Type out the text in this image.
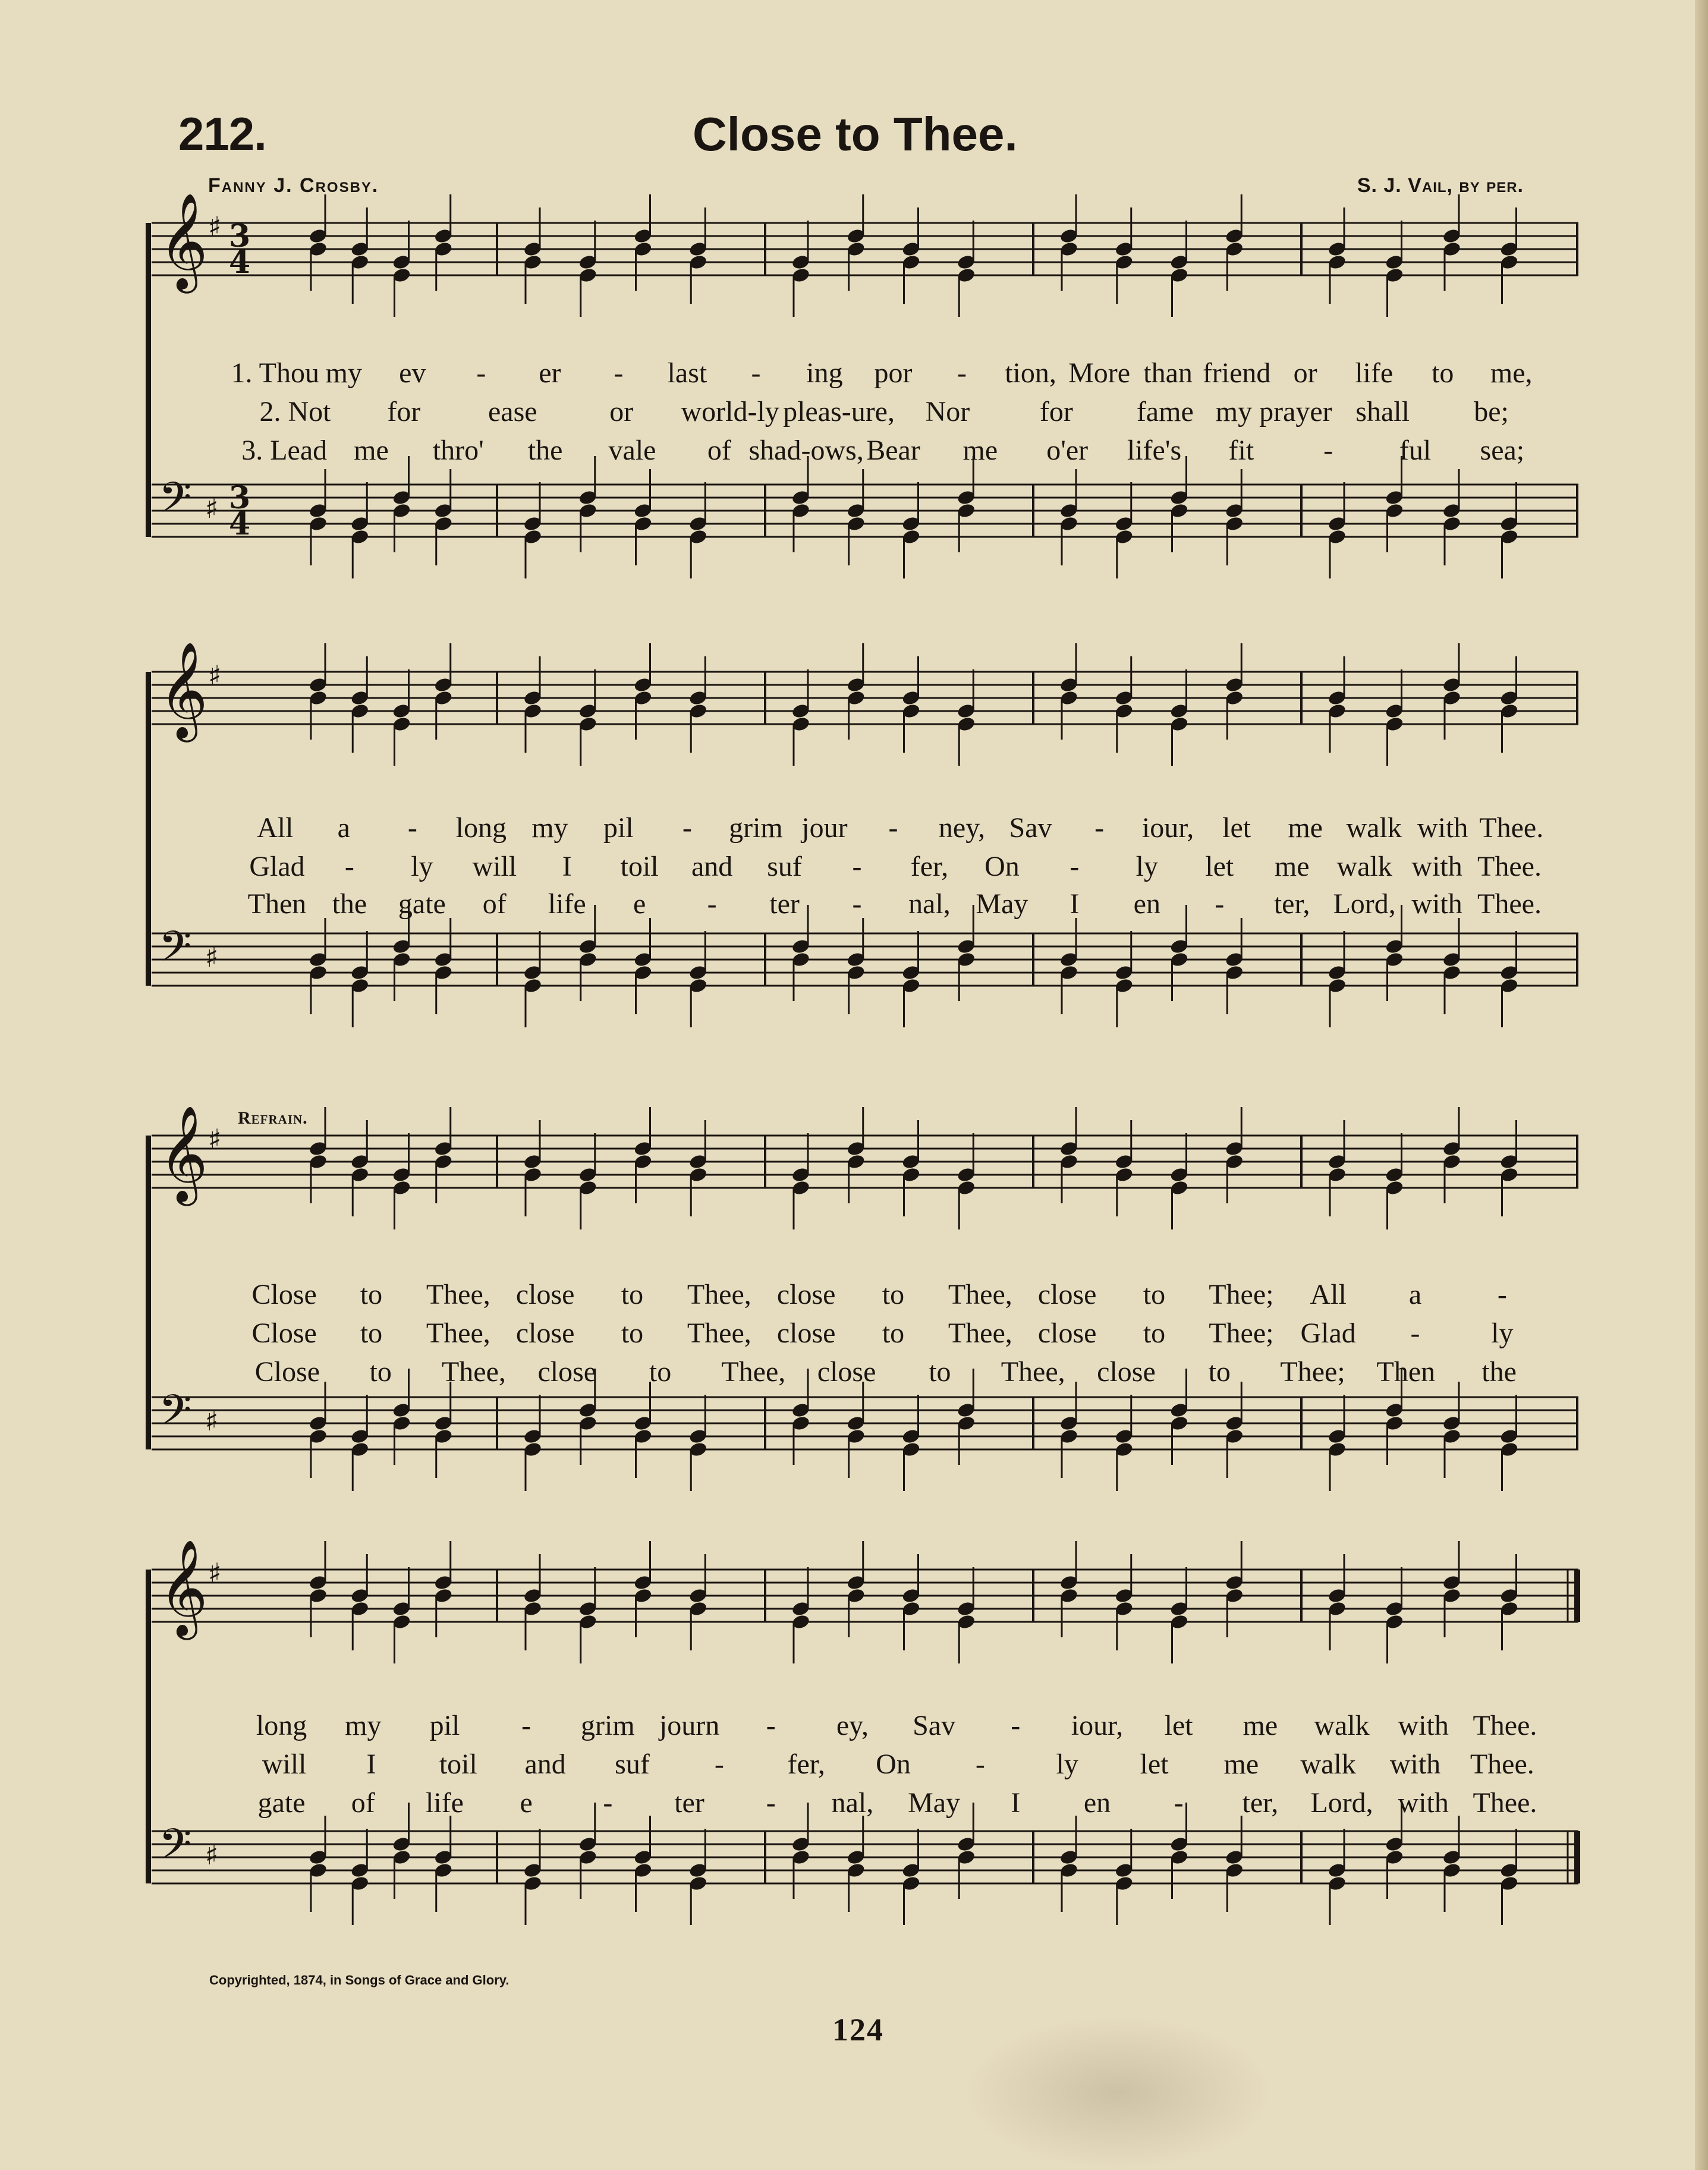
212.	Close to Thee.
Fanny J. Crosby.	S. J. Vail, by per.
𝄞 ♯ 3
4
𝄢 ♯ 3
4
1. Thou my ev - er - last - ing por - tion, More than friend or life to me,
2. Not for ease	or world-ly pleas-ure, Nor for fame my prayer shall be;
3. Lead me thro' the vale of shad-ows, Bear me o'er life's fit - ful sea;
𝄞 ♯
𝄢 ♯
All a - long my pil - grim jour - ney, Sav - iour, let me walk with Thee.
Glad - ly will I toil and suf - fer, On - ly let me walk with Thee.
Then the gate of life e - ter - nal, May I en - ter, Lord, with Thee.
Refrain.
𝄞 ♯
𝄢 ♯
Close to Thee, close to Thee, close to Thee, close to Thee; All a	-
Close to Thee, close to Thee, close to Thee, close to Thee; Glad - ly
Close to Thee, close to Thee, close to Thee, close to Thee; Then the
𝄞 ♯
𝄢 ♯
long my pil - grim journ - ey, Sav - iour, let me walk with Thee.
will I toil and suf - fer, On - ly let me walk with Thee.
gate of life e - ter - nal, May I en - ter, Lord, with Thee.
Copyrighted, 1874, in Songs of Grace and Glory.
124
